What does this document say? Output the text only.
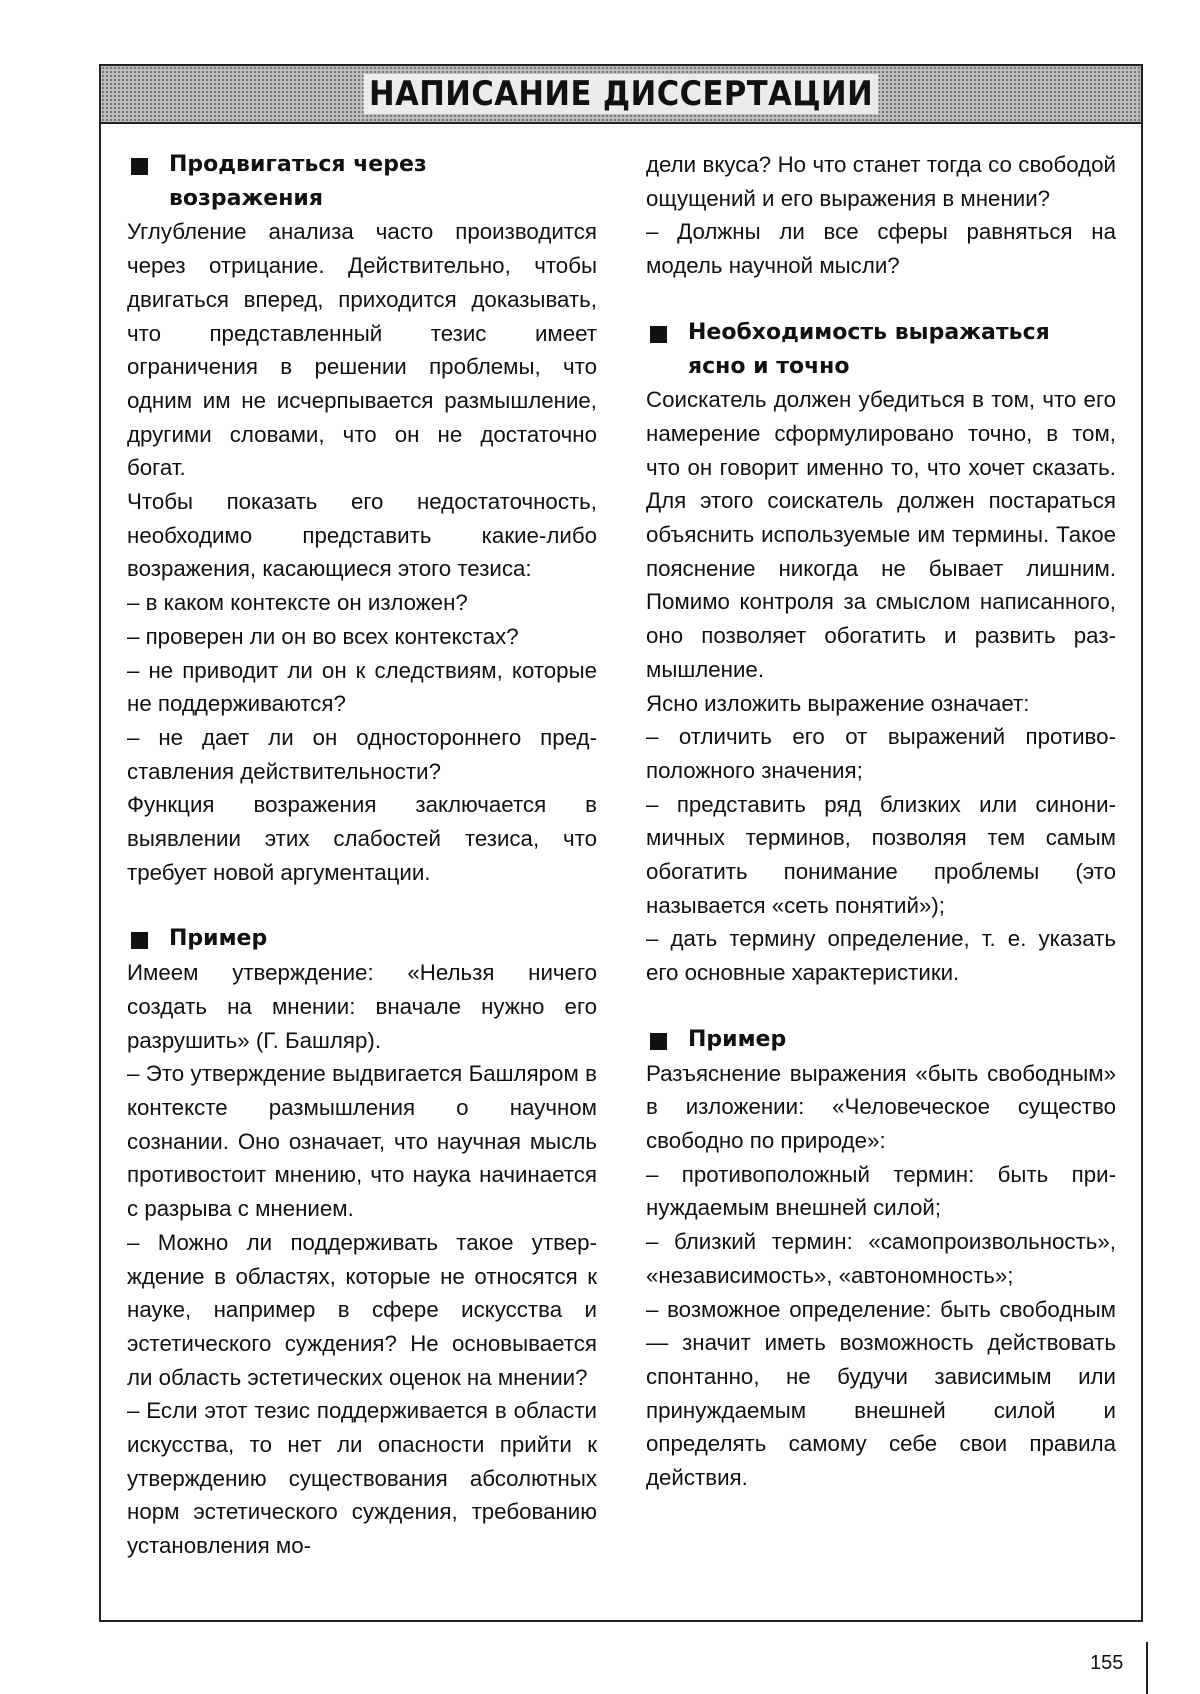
НАПИСАНИЕ ДИССЕРТАЦИИ
Продвигаться через
возражения
Углубление анализа часто производится через отрицание. Действительно, чтобы двигаться вперед, приходится доказывать, что представленный тезис имеет ограничения в решении проблемы, что одним им не исчерпывается размышление, другими словами, что он не достаточно богат.
Чтобы показать его недостаточность, необходимо представить какие-либо возражения, касающиеся этого тезиса:
– в каком контексте он изложен?
– проверен ли он во всех контекстах?
– не приводит ли он к следствиям, которые не поддерживаются?
– не дает ли он одностороннего представления действительности?
Функция возражения заключается в выявлении этих слабостей тезиса, что требует новой аргументации.
Пример
Имеем утверждение: «Нельзя ничего создать на мнении: вначале нужно его разрушить» (Г. Башляр).
– Это утверждение выдвигается Башляром в контексте размышления о научном сознании. Оно означает, что научная мысль противостоит мнению, что наука начинается с разрыва с мнением.
– Можно ли поддерживать такое утверждение в областях, которые не относятся к науке, например в сфере искусства и эстетического суждения? Не основывается ли область эстетических оценок на мнении?
– Если этот тезис поддерживается в области искусства, то нет ли опасности прийти к утверждению существования абсолютных норм эстетического суждения, требованию установления мо-
дели вкуса? Но что станет тогда со свободой ощущений и его выражения в мнении?
– Должны ли все сферы равняться на модель научной мысли?
Необходимость выражаться
ясно и точно
Соискатель должен убедиться в том, что его намерение сформулировано точно, в том, что он говорит именно то, что хочет сказать. Для этого соискатель должен постараться объяснить используемые им термины. Такое пояснение никогда не бывает лишним. Помимо контроля за смыслом написанного, оно позволяет обогатить и развить размышление.
Ясно изложить выражение означает:
– отличить его от выражений противоположного значения;
– представить ряд близких или синонимичных терминов, позволяя тем самым обогатить понимание проблемы (это называется «сеть понятий»);
– дать термину определение, т. е. указать его основные характеристики.
Пример
Разъяснение выражения «быть свободным» в изложении: «Человеческое существо свободно по природе»:
– противоположный термин: быть принуждаемым внешней силой;
– близкий термин: «самопроизвольность», «независимость», «автономность»;
– возможное определение: быть свободным — значит иметь возможность действовать спонтанно, не будучи зависимым или принуждаемым внешней силой и определять самому себе свои правила действия.
155
